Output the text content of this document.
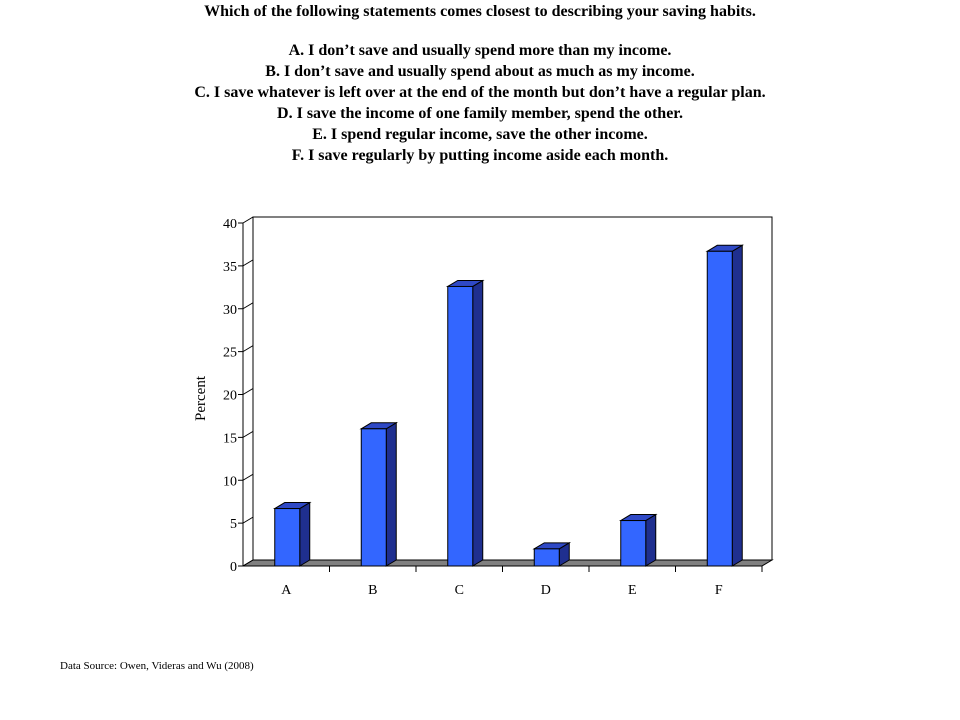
Which of the following statements comes closest to describing your saving habits.
A. I don’t save and usually spend more than my income.
B. I don’t save and usually spend about as much as my income.
C. I save whatever is left over at the end of the month but don’t have a regular plan.
D. I save the income of one family member, spend the other.
E. I spend regular income, save the other income.
F. I save regularly by putting income aside each month.
0
5
10
15
20
25
30
35
40
A	B	C	D	E	F
Percent
Data Source: Owen, Videras and Wu (2008)
